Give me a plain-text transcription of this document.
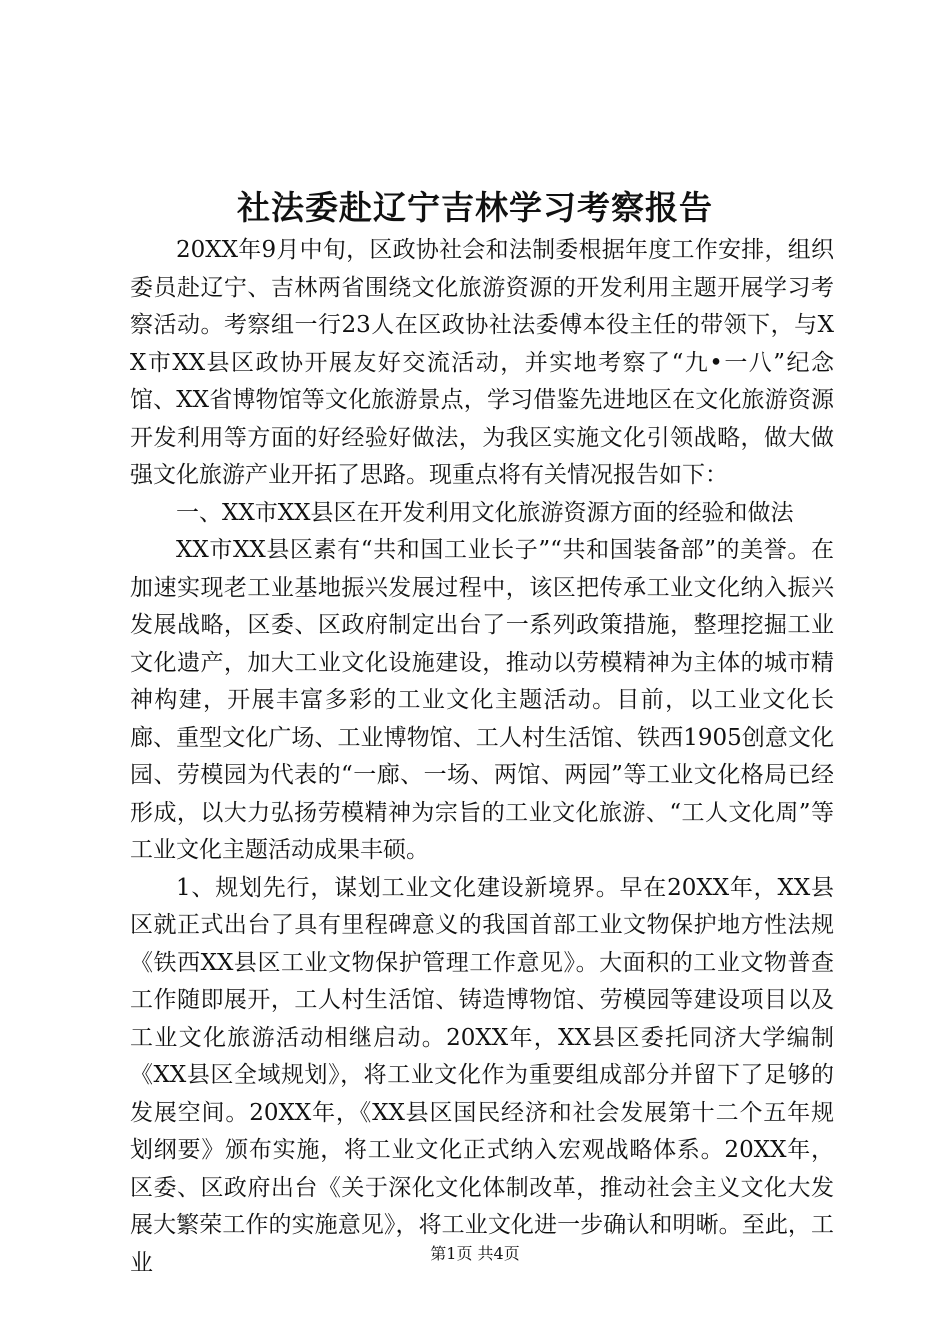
社法委赴辽宁吉林学习考察报告

20XX年9月中旬，区政协社会和法制委根据年度工作安排，组织委员赴辽宁、吉林两省围绕文化旅游资源的开发利用主题开展学习考察活动。考察组一行23人在区政协社法委傅本役主任的带领下，与XX市XX县区政协开展友好交流活动，并实地考察了“九•一八”纪念馆、XX省博物馆等文化旅游景点，学习借鉴先进地区在文化旅游资源开发利用等方面的好经验好做法，为我区实施文化引领战略，做大做强文化旅游产业开拓了思路。现重点将有关情况报告如下：

一、XX市XX县区在开发利用文化旅游资源方面的经验和做法

XX市XX县区素有“共和国工业长子”“共和国装备部”的美誉。在加速实现老工业基地振兴发展过程中，该区把传承工业文化纳入振兴发展战略，区委、区政府制定出台了一系列政策措施，整理挖掘工业文化遗产，加大工业文化设施建设，推动以劳模精神为主体的城市精神构建，开展丰富多彩的工业文化主题活动。目前，以工业文化长廊、重型文化广场、工业博物馆、工人村生活馆、铁西1905创意文化园、劳模园为代表的“一廊、一场、两馆、两园”等工业文化格局已经形成，以大力弘扬劳模精神为宗旨的工业文化旅游、“工人文化周”等工业文化主题活动成果丰硕。

1、规划先行，谋划工业文化建设新境界。早在20XX年，XX县区就正式出台了具有里程碑意义的我国首部工业文物保护地方性法规《铁西XX县区工业文物保护管理工作意见》。大面积的工业文物普查工作随即展开，工人村生活馆、铸造博物馆、劳模园等建设项目以及工业文化旅游活动相继启动。20XX年，XX县区委托同济大学编制《XX县区全域规划》，将工业文化作为重要组成部分并留下了足够的发展空间。20XX年，《XX县区国民经济和社会发展第十二个五年规划纲要》颁布实施，将工业文化正式纳入宏观战略体系。20XX年，区委、区政府出台《关于深化文化体制改革，推动社会主义文化大发展大繁荣工作的实施意见》，将工业文化进一步确认和明晰。至此，工业	第1页 共4页
